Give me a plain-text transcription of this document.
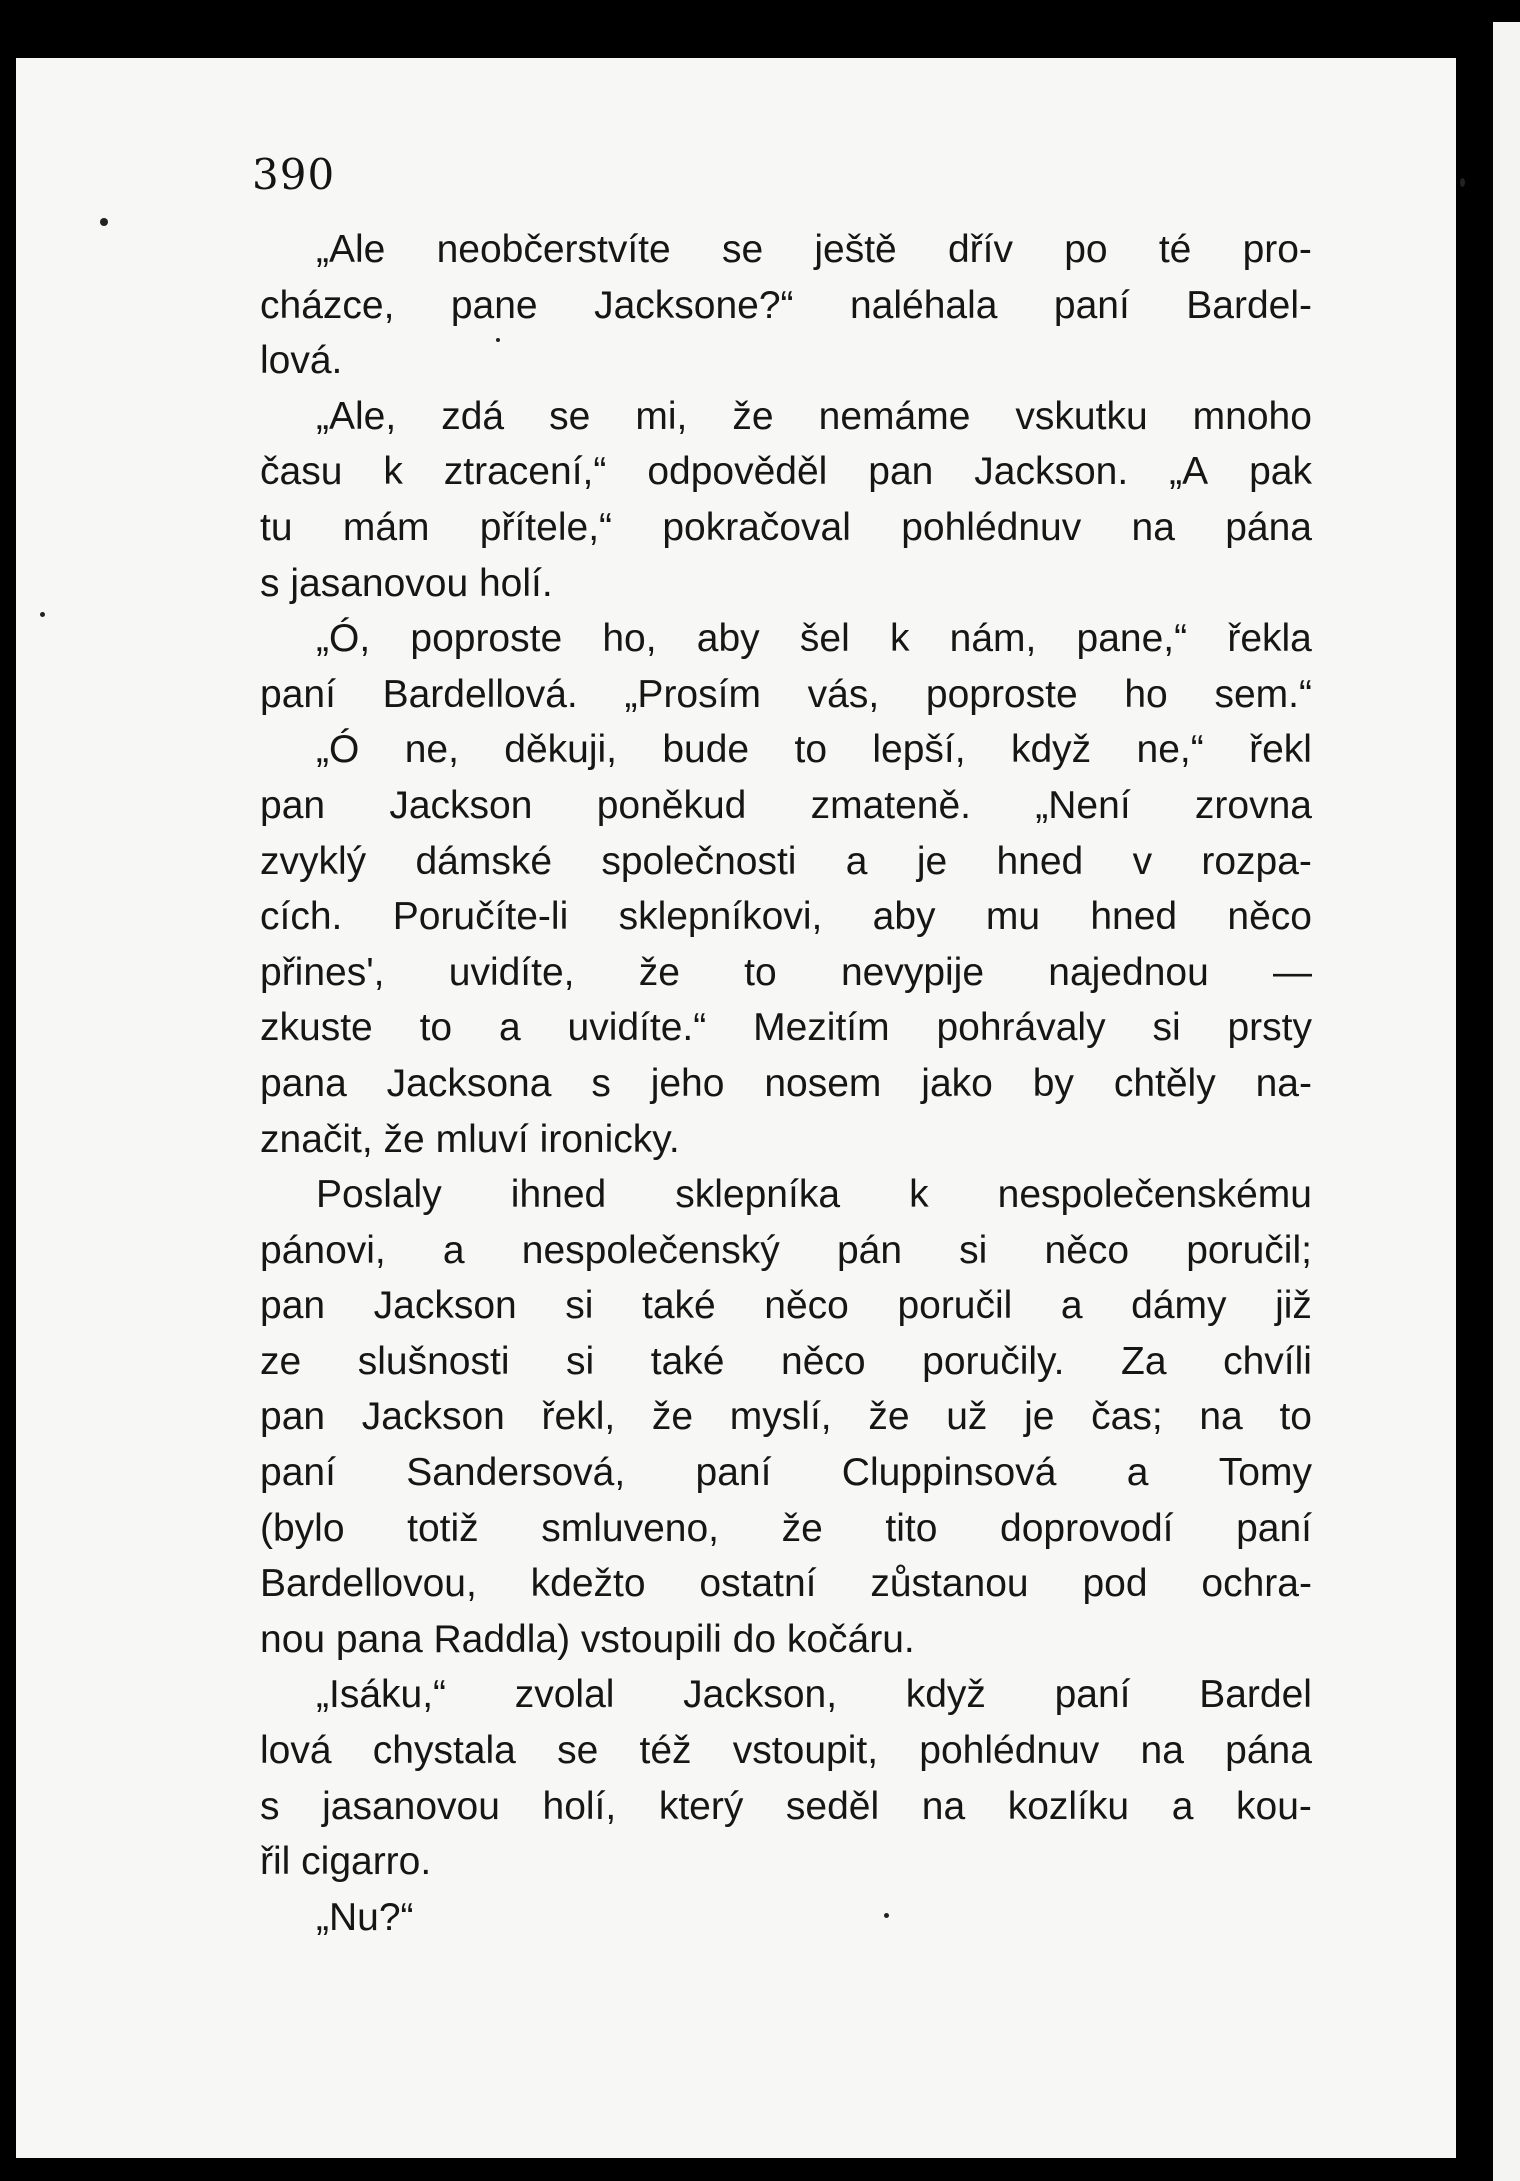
390
„Ale neobčerstvíte se ještě dřív po té pro-
cházce, pane Jacksone?“ naléhala paní Bardel-
lová.
„Ale, zdá se mi, že nemáme vskutku mnoho
času k ztracení,“ odpověděl pan Jackson. „A pak
tu mám přítele,“ pokračoval pohlédnuv na pána
s jasanovou holí.
„Ó, poproste ho, aby šel k nám, pane,“ řekla
paní Bardellová. „Prosím vás, poproste ho sem.“
„Ó ne, děkuji, bude to lepší, když ne,“ řekl
pan Jackson poněkud zmateně. „Není zrovna
zvyklý dámské společnosti a je hned v rozpa-
cích. Poručíte-li sklepníkovi, aby mu hned něco
přines', uvidíte, že to nevypije najednou —
zkuste to a uvidíte.“ Mezitím pohrávaly si prsty
pana Jacksona s jeho nosem jako by chtěly na-
značit, že mluví ironicky.
Poslaly ihned sklepníka k nespolečenskému
pánovi, a nespolečenský pán si něco poručil;
pan Jackson si také něco poručil a dámy již
ze slušnosti si také něco poručily. Za chvíli
pan Jackson řekl, že myslí, že už je čas; na to
paní Sandersová, paní Cluppinsová a Tomy
(bylo totiž smluveno, že tito doprovodí paní
Bardellovou, kdežto ostatní zůstanou pod ochra-
nou pana Raddla) vstoupili do kočáru.
„Isáku,“ zvolal Jackson, když paní Bardel
lová chystala se též vstoupit, pohlédnuv na pána
s jasanovou holí, který seděl na kozlíku a kou-
řil cigarro.
„Nu?“
